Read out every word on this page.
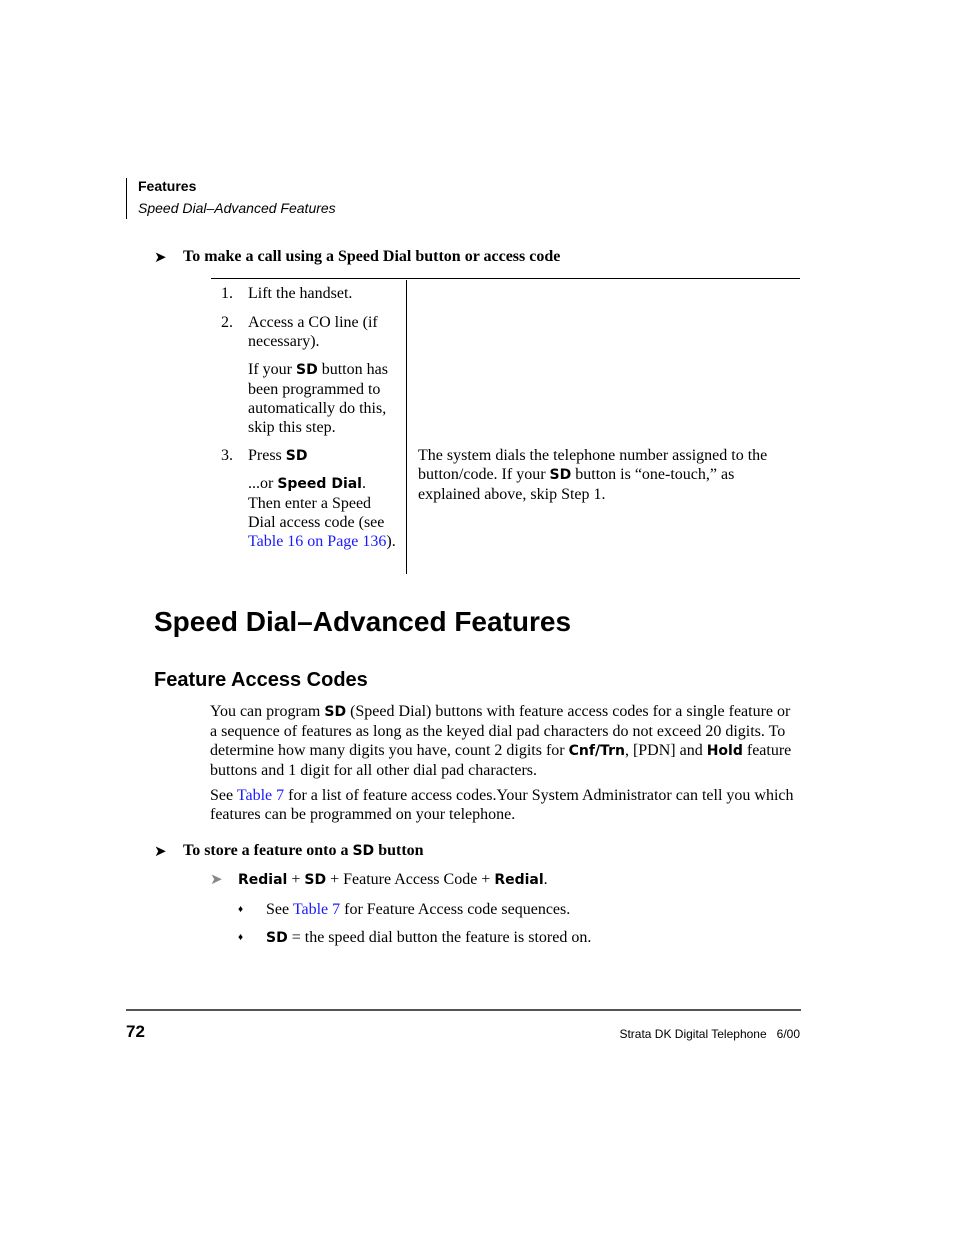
Features
Speed Dial–Advanced Features
➤ To make a call using a Speed Dial button or access code
1. Lift the handset.
2. Access a CO line (if necessary).
If your SD button has been programmed to automatically do this, skip this step.
3. Press SD
...or Speed Dial. Then enter a Speed Dial access code (see Table 16 on Page 136).
The system dials the telephone number assigned to the button/code. If your SD button is “one-touch,” as explained above, skip Step 1.
Speed Dial–Advanced Features
Feature Access Codes
You can program SD (Speed Dial) buttons with feature access codes for a single feature or a sequence of features as long as the keyed dial pad characters do not exceed 20 digits. To determine how many digits you have, count 2 digits for Cnf/Trn, [PDN] and Hold feature buttons and 1 digit for all other dial pad characters.
See Table 7 for a list of feature access codes.Your System Administrator can tell you which features can be programmed on your telephone.
➤ To store a feature onto a SD button
➤ Redial + SD + Feature Access Code + Redial.
♦ See Table 7 for Feature Access code sequences.
♦ SD = the speed dial button the feature is stored on.
72	Strata DK Digital Telephone   6/00
